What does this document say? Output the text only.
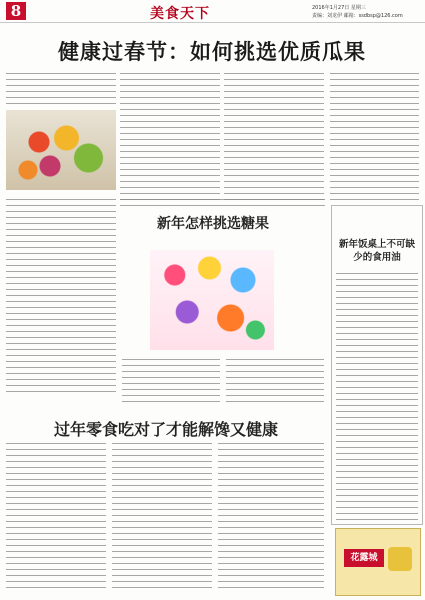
8	美食天下	2016年1月27日 星期三
责编：刘龙伊 邮箱：ssdbsp@126.com
健康过春节：如何挑选优质瓜果
新年怎样挑选糖果
新年饭桌上不可缺少的食用油
过年零食吃对了才能解馋又健康
花露城
